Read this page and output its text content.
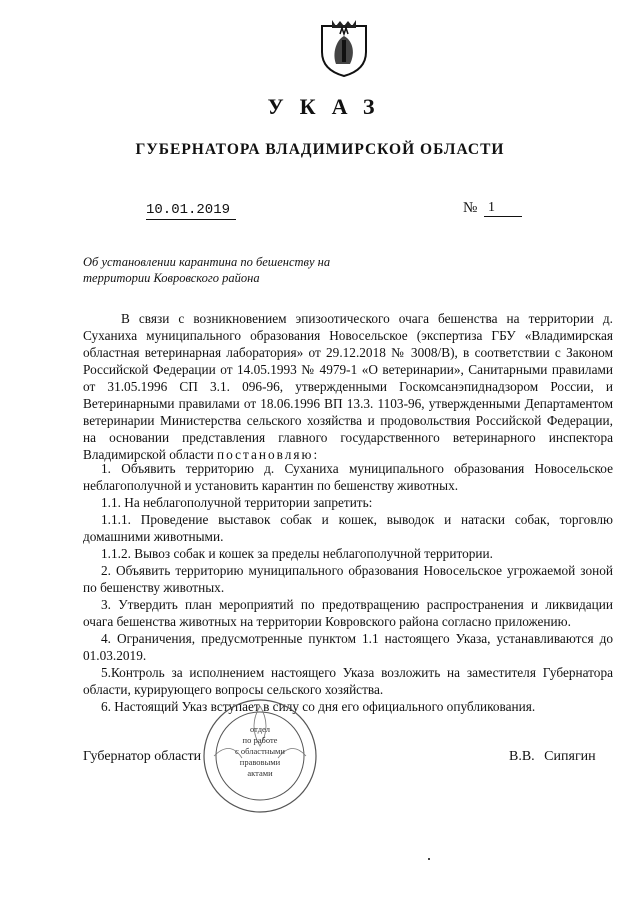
УКАЗ
ГУБЕРНАТОРА ВЛАДИМИРСКОЙ ОБЛАСТИ
10.01.2019	№ 1
Об установлении карантина по бешенству на
территории Ковровского района

В связи с возникновением эпизоотического очага бешенства на территории д. Суханиха муниципального образования Новосельское (экспертиза ГБУ «Владимирская областная ветеринарная лаборатория» от 29.12.2018 № 3008/В), в соответствии с Законом Российской Федерации от 14.05.1993 № 4979-1 «О ветеринарии», Санитарными правилами от 31.05.1996 СП 3.1. 096-96, утвержденными Госкомсанэпиднадзором России, и Ветеринарными правилами от 18.06.1996 ВП 13.3. 1103-96, утвержденными Департаментом ветеринарии Министерства сельского хозяйства и продовольствия Российской Федерации, на основании представления главного государственного ветеринарного инспектора Владимирской области постановляю:

1. Объявить территорию д. Суханиха муниципального образования Новосельское неблагополучной и установить карантин по бешенству животных.

1.1. На неблагополучной территории запретить:

1.1.1. Проведение выставок собак и кошек, выводок и натаски собак, торговлю домашними животными.

1.1.2. Вывоз собак и кошек за пределы неблагополучной территории.

2. Объявить территорию муниципального образования Новосельское угрожаемой зоной по бешенству животных.

3. Утвердить план мероприятий по предотвращению распространения и ликвидации очага бешенства животных на территории Ковровского района согласно приложению.

4. Ограничения, предусмотренные пунктом 1.1 настоящего Указа, устанавливаются до 01.03.2019.

5.Контроль за исполнением настоящего Указа возложить на заместителя Губернатора области, курирующего вопросы сельского хозяйства.

6. Настоящий Указ вступает в силу со дня его официального опубликования.

отдел
по работе
с областными
правовыми
актами
Губернатор области	В.В. Сипягин
